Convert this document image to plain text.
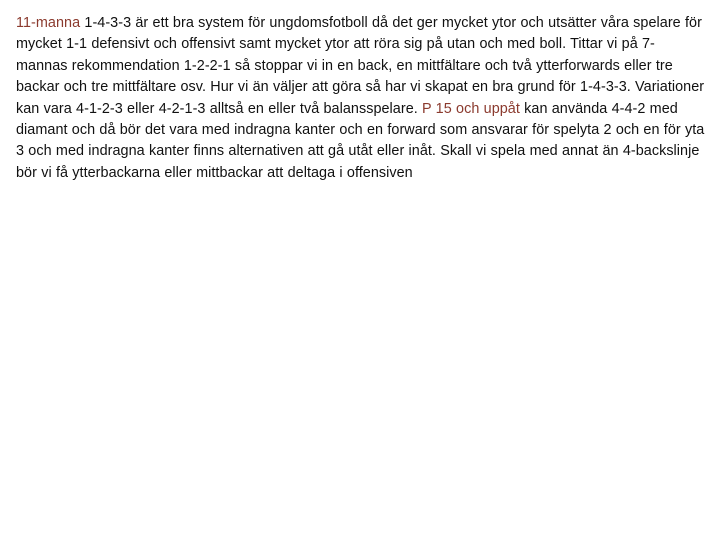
11-manna 1-4-3-3 är ett bra system för ungdomsfotboll då det ger mycket ytor och utsätter våra spelare för mycket 1-1 defensivt och offensivt samt mycket ytor att röra sig på utan och med boll. Tittar vi på 7-mannas rekommendation 1-2-2-1 så stoppar vi in en back, en mittfältare och två ytterforwards eller tre backar och tre mittfältare osv. Hur vi än väljer att göra så har vi skapat en bra grund för 1-4-3-3. Variationer kan vara 4-1-2-3 eller 4-2-1-3 alltså en eller två balansspelare. P 15 och uppåt kan använda 4-4-2 med diamant och då bör det vara med indragna kanter och en forward som ansvarar för spelyta 2 och en för yta 3 och med indragna kanter finns alternativen att gå utåt eller inåt. Skall vi spela med annat än 4-backslinje bör vi få ytterbackarna eller mittbackar att deltaga i offensiven
